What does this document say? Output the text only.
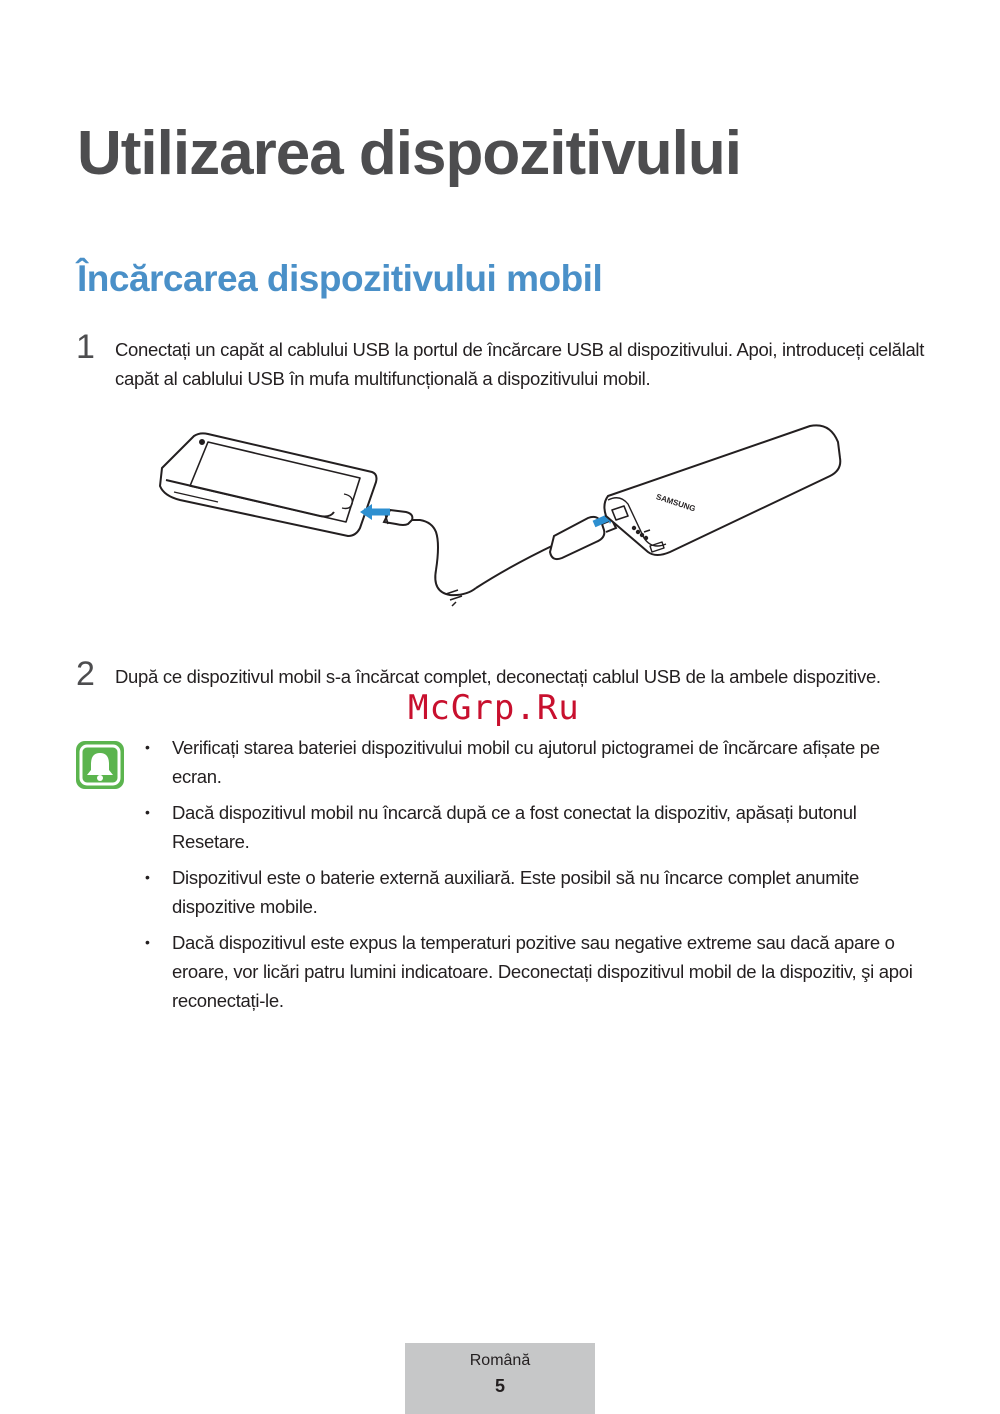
Utilizarea dispozitivului
Încărcarea dispozitivului mobil
1 Conectați un capăt al cablului USB la portul de încărcare USB al dispozitivului. Apoi, introduceți celălalt capăt al cablului USB în mufa multifuncțională a dispozitivului mobil.

SAMSUNG
2 După ce dispozitivul mobil s-a încărcat complet, deconectați cablul USB de la ambele dispozitive.

McGrp.Ru
• Verificați starea bateriei dispozitivului mobil cu ajutorul pictogramei de încărcare afișate pe ecran.
• Dacă dispozitivul mobil nu încarcă după ce a fost conectat la dispozitiv, apăsați butonul Resetare.
• Dispozitivul este o baterie externă auxiliară. Este posibil să nu încarce complet anumite dispozitive mobile.
• Dacă dispozitivul este expus la temperaturi pozitive sau negative extreme sau dacă apare o eroare, vor licări patru lumini indicatoare. Deconectați dispozitivul mobil de la dispozitiv, şi apoi reconectați-le.
Română
5
